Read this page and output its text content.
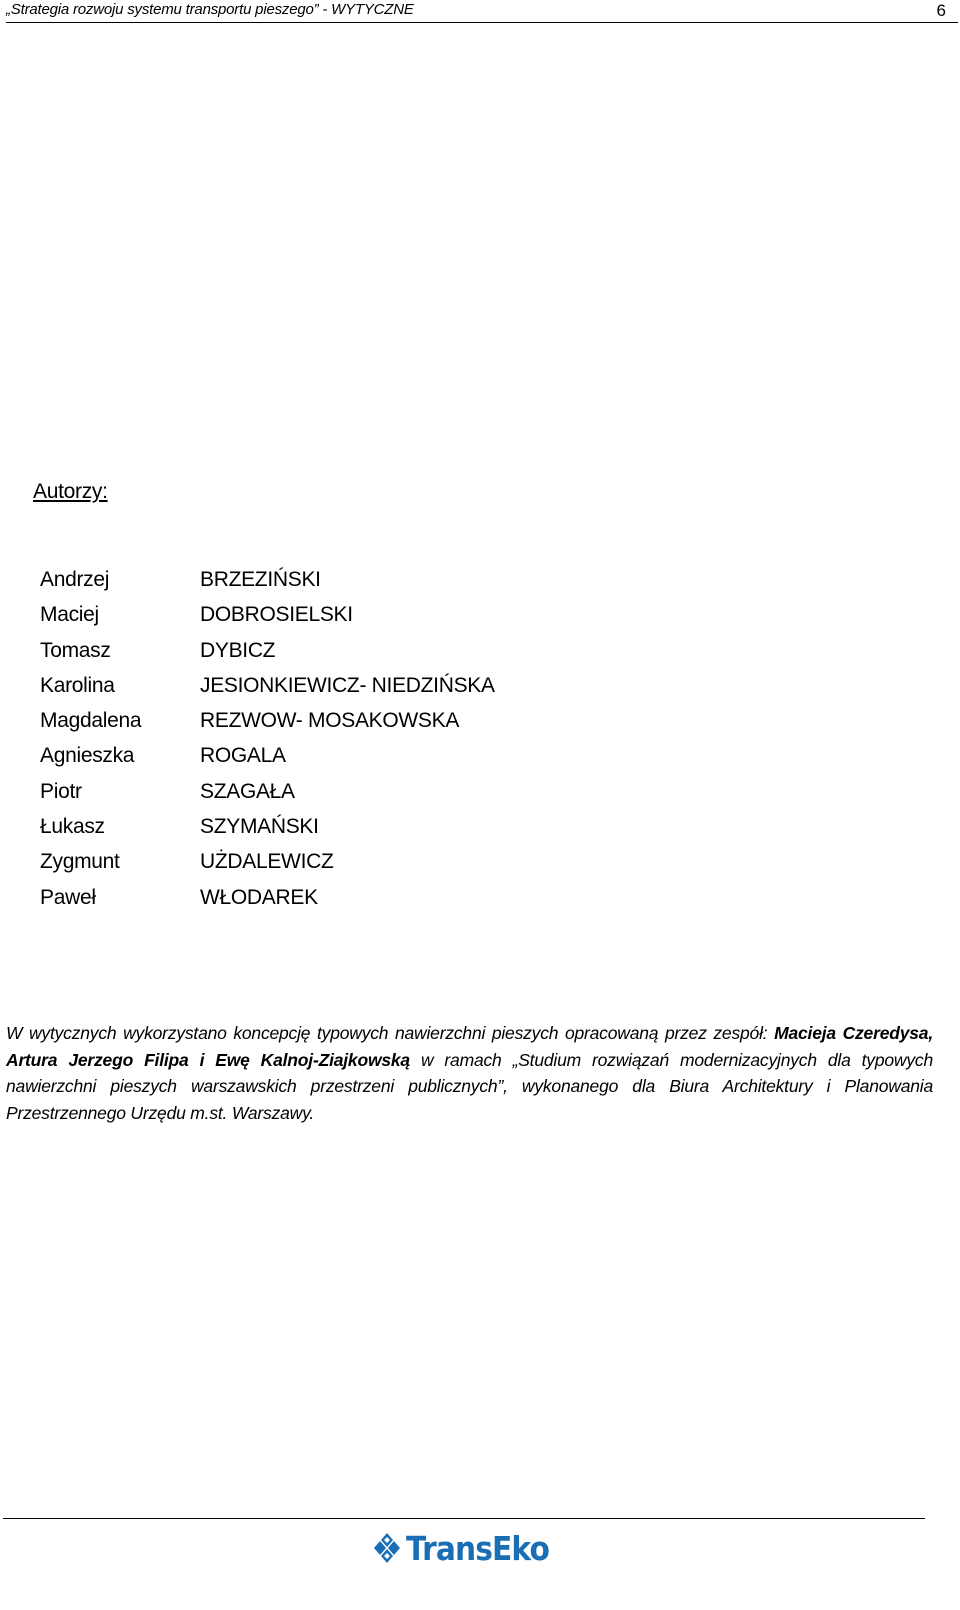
„Strategia rozwoju systemu transportu pieszego” - WYTYCZNE	6
Autorzy:
Andrzej	BRZEZIŃSKI
Maciej	DOBROSIELSKI
Tomasz	DYBICZ
Karolina	JESIONKIEWICZ- NIEDZIŃSKA
Magdalena	REZWOW- MOSAKOWSKA
Agnieszka	ROGALA
Piotr	SZAGAŁA
Łukasz	SZYMAŃSKI
Zygmunt	UŻDALEWICZ
Paweł	WŁODAREK

W wytycznych wykorzystano koncepcję typowych nawierzchni pieszych opracowaną przez zespół: Macieja Czeredysa, Artura Jerzego Filipa i Ewę Kalnoj-Ziajkowską w ramach „Studium rozwiązań modernizacyjnych dla typowych nawierzchni pieszych warszawskich przestrzeni publicznych”, wykonanego dla Biura Architektury i Planowania Przestrzennego Urzędu m.st. Warszawy.

TransEko
